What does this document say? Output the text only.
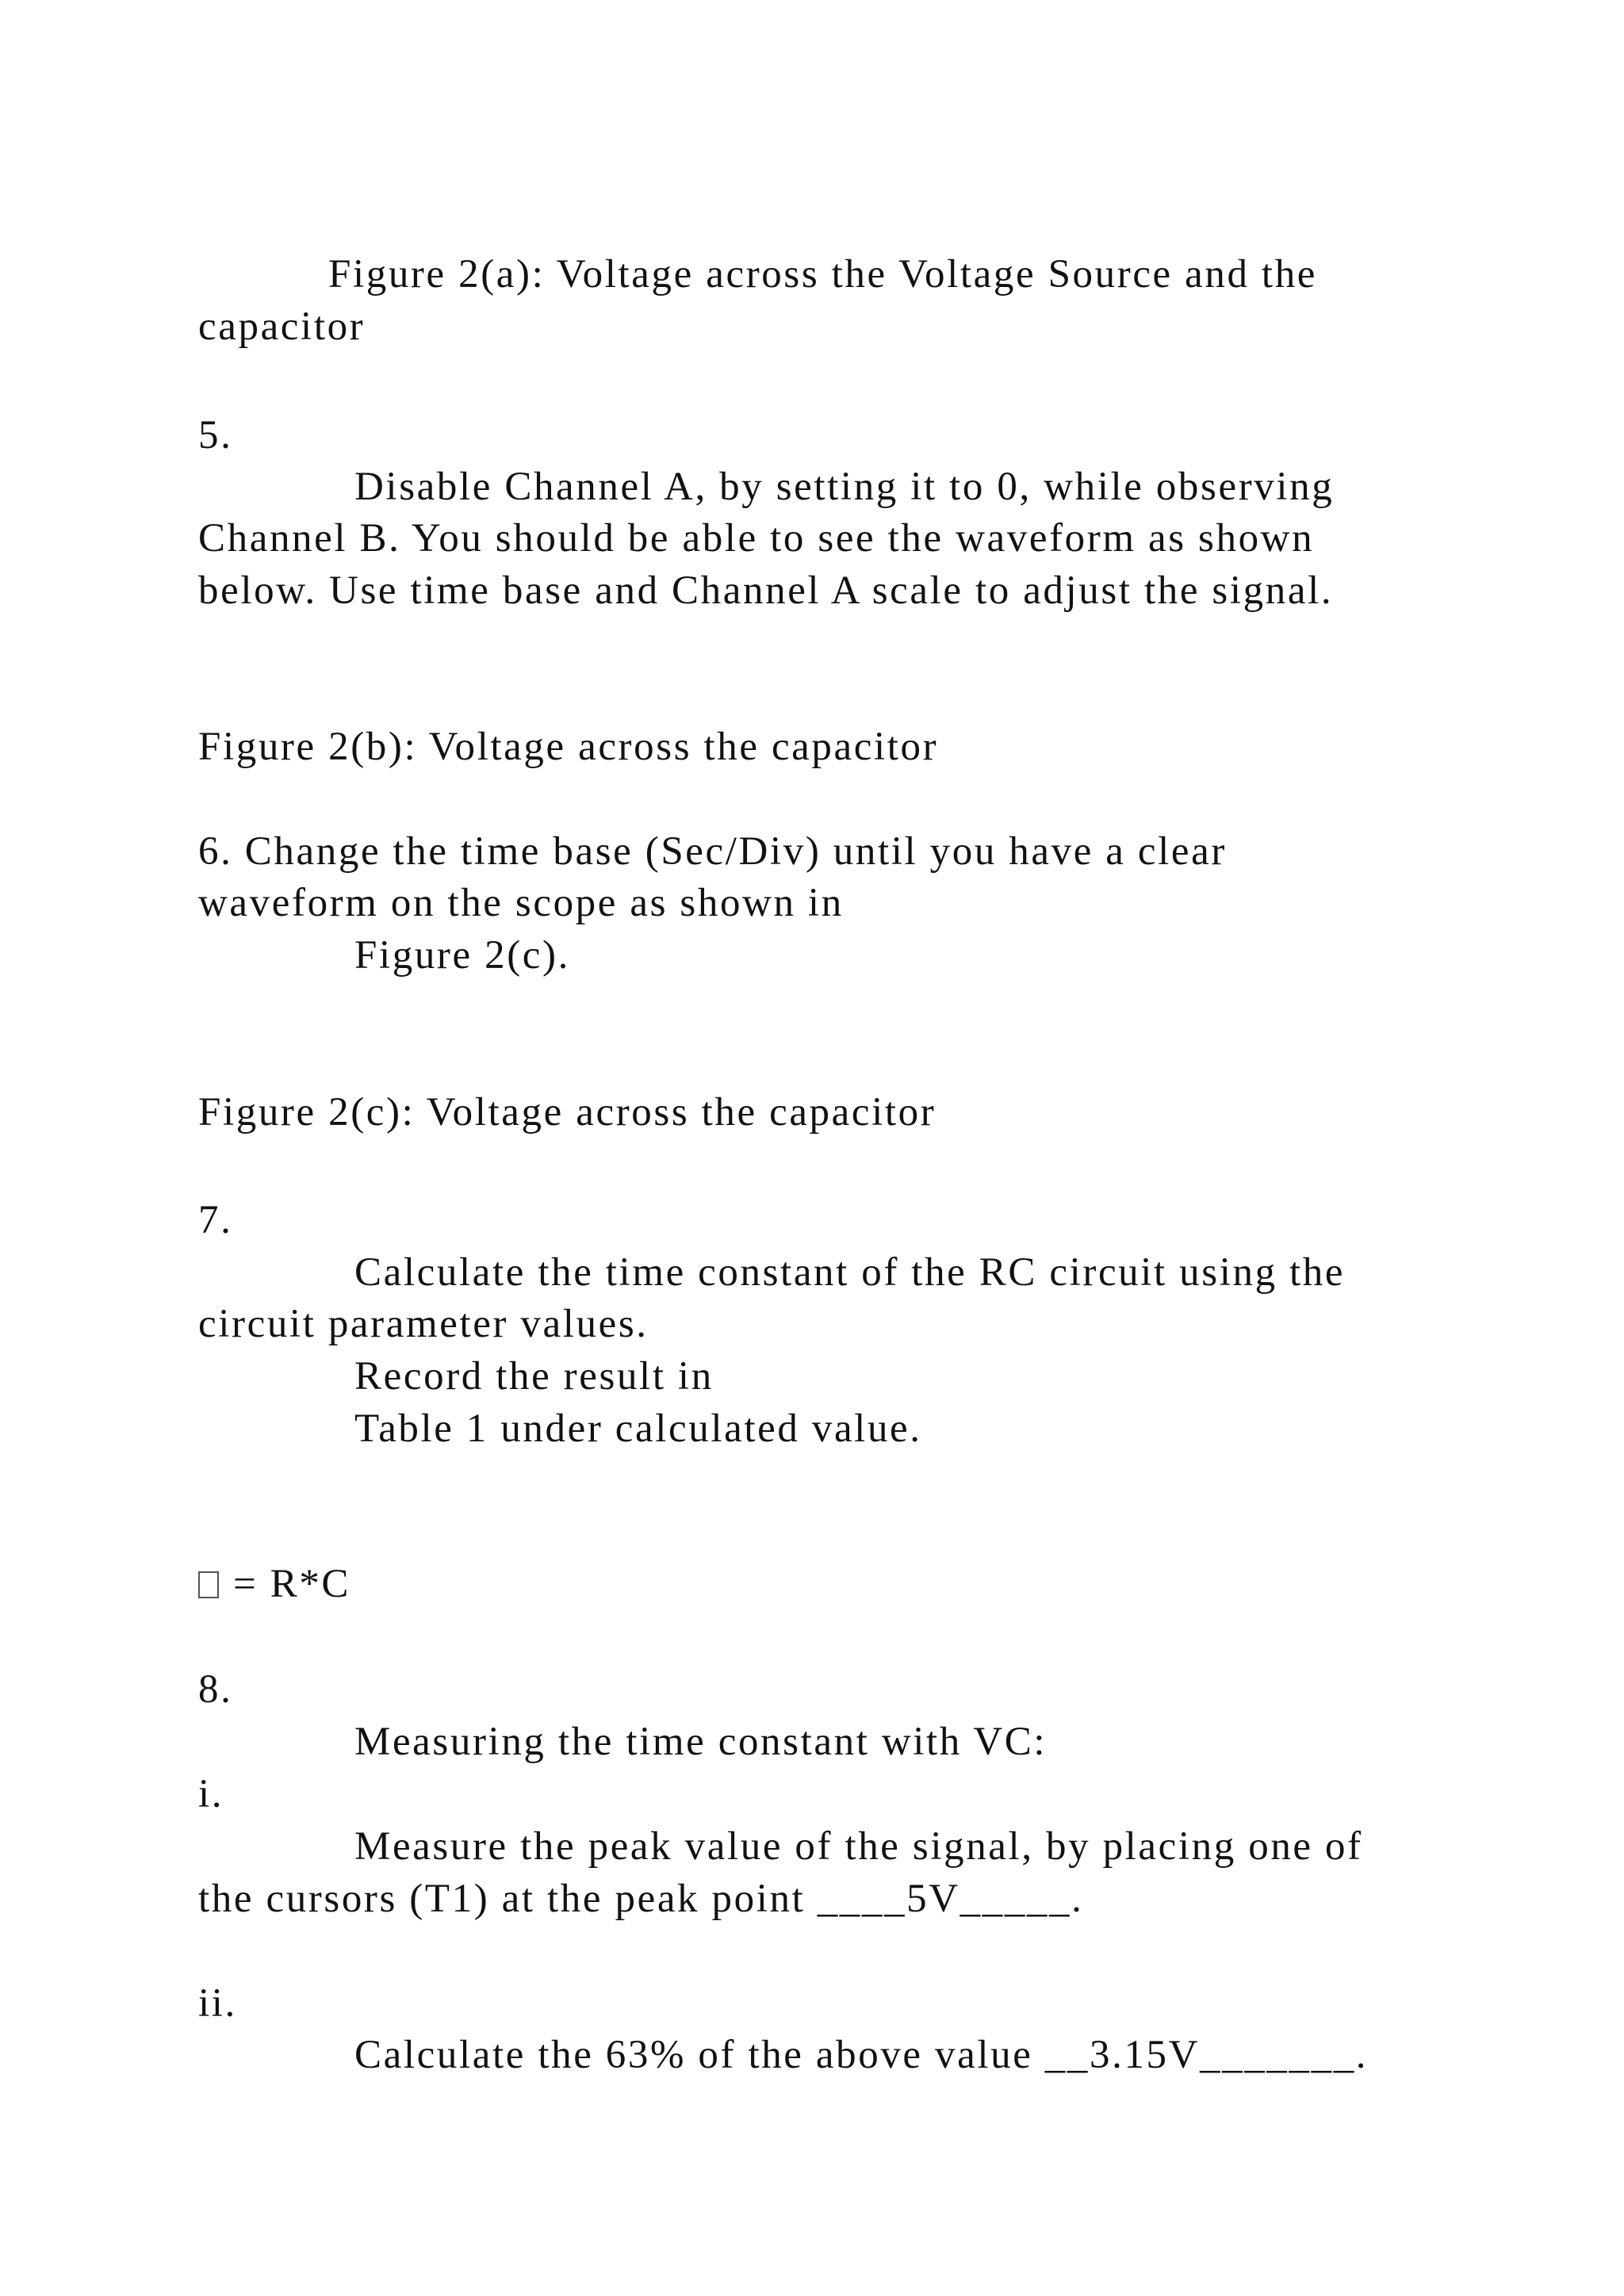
Figure 2(a): Voltage across the Voltage Source and the
capacitor
5.
Disable Channel A, by setting it to 0, while observing
Channel B. You should be able to see the waveform as shown
below. Use time base and Channel A scale to adjust the signal.
Figure 2(b): Voltage across the capacitor
6. Change the time base (Sec/Div) until you have a clear
waveform on the scope as shown in
Figure 2(c).
Figure 2(c): Voltage across the capacitor
7.
Calculate the time constant of the RC circuit using the
circuit parameter values.
Record the result in
Table 1 under calculated value.
= R*C
8.
Measuring the time constant with VC:
i.
Measure the peak value of the signal, by placing one of
the cursors (T1) at the peak point ____5V_____.
ii.
Calculate the 63% of the above value __3.15V_______.
